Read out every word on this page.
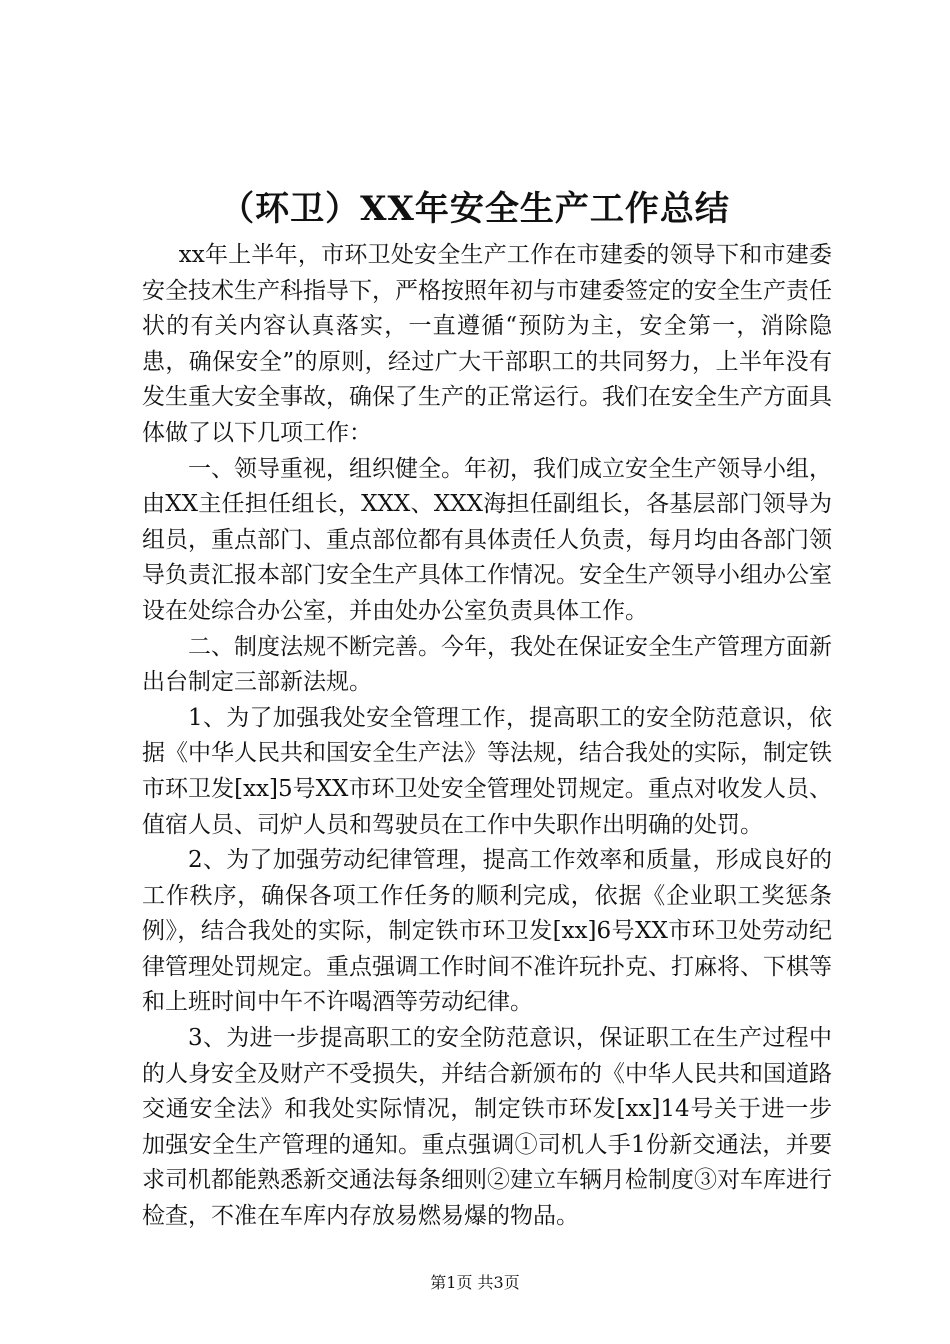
（环卫）XX年安全生产工作总结

xx年上半年，市环卫处安全生产工作在市建委的领导下和市建委安全技术生产科指导下，严格按照年初与市建委签定的安全生产责任状的有关内容认真落实，一直遵循“预防为主，安全第一，消除隐患，确保安全”的原则，经过广大干部职工的共同努力，上半年没有发生重大安全事故，确保了生产的正常运行。我们在安全生产方面具体做了以下几项工作：

一、领导重视，组织健全。年初，我们成立安全生产领导小组，由XX主任担任组长，XXX、XXX海担任副组长，各基层部门领导为组员，重点部门、重点部位都有具体责任人负责，每月均由各部门领导负责汇报本部门安全生产具体工作情况。安全生产领导小组办公室设在处综合办公室，并由处办公室负责具体工作。

二、制度法规不断完善。今年，我处在保证安全生产管理方面新出台制定三部新法规。

1、为了加强我处安全管理工作，提高职工的安全防范意识，依据《中华人民共和国安全生产法》等法规，结合我处的实际，制定铁市环卫发[xx]5号XX市环卫处安全管理处罚规定。重点对收发人员、值宿人员、司炉人员和驾驶员在工作中失职作出明确的处罚。

2、为了加强劳动纪律管理，提高工作效率和质量，形成良好的工作秩序，确保各项工作任务的顺利完成，依据《企业职工奖惩条例》，结合我处的实际，制定铁市环卫发[xx]6号XX市环卫处劳动纪律管理处罚规定。重点强调工作时间不准许玩扑克、打麻将、下棋等和上班时间中午不许喝酒等劳动纪律。

3、为进一步提高职工的安全防范意识，保证职工在生产过程中的人身安全及财产不受损失，并结合新颁布的《中华人民共和国道路交通安全法》和我处实际情况，制定铁市环发[xx]14号关于进一步加强安全生产管理的通知。重点强调①司机人手1份新交通法，并要求司机都能熟悉新交通法每条细则②建立车辆月检制度③对车库进行检查，不准在车库内存放易燃易爆的物品。

第1页 共3页
